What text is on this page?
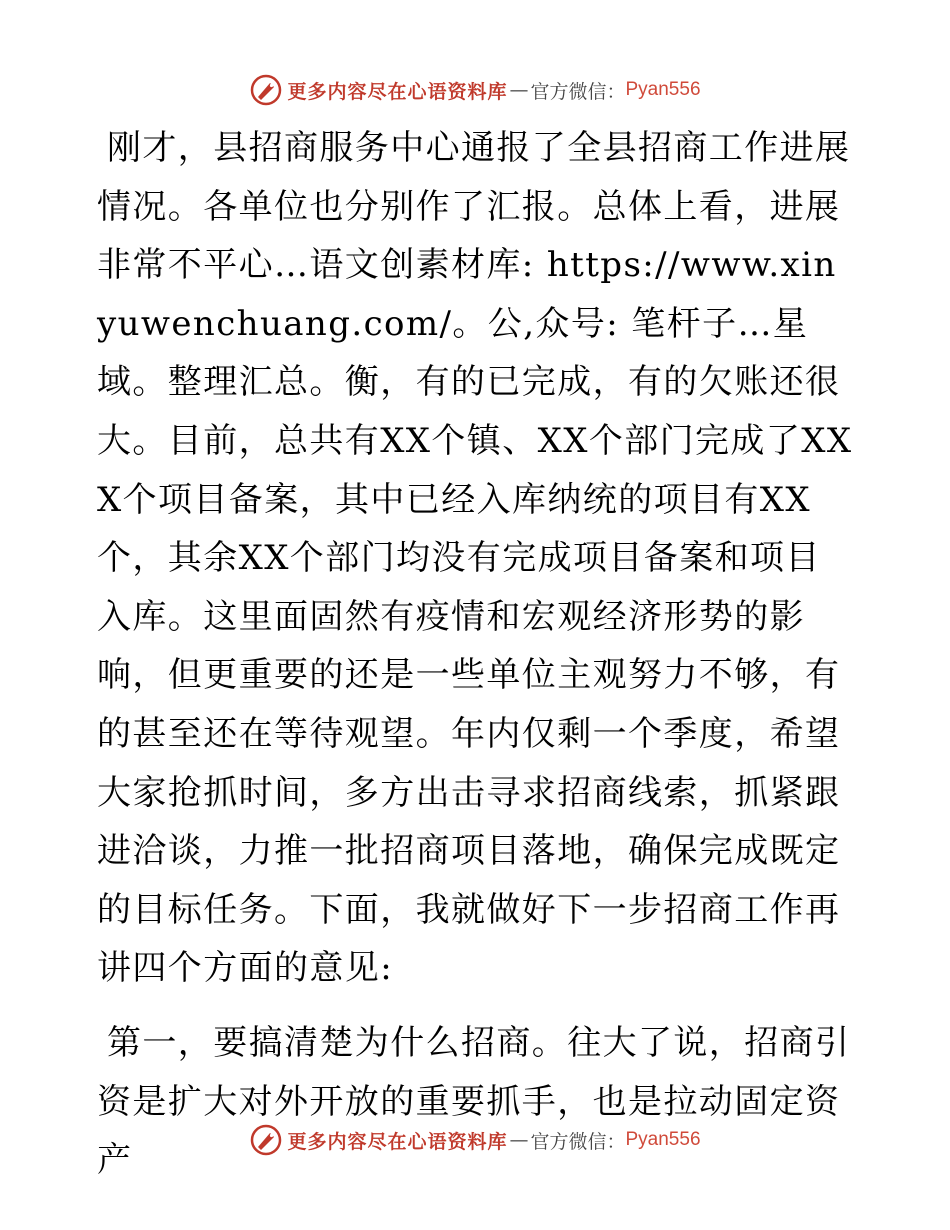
更多内容尽在心语资料库 — 官方微信： Pyan556

刚才，县招商服务中心通报了全县招商工作进展情况。各单位也分别作了汇报。总体上看，进展非常不平心…语文创素材库: https://www.xinyuwenchuang.com/。公,众号: 笔杆子…星域。整理汇总。衡，有的已完成，有的欠账还很大。目前，总共有XX个镇、XX个部门完成了XXX个项目备案，其中已经入库纳统的项目有XX个，其余XX个部门均没有完成项目备案和项目入库。这里面固然有疫情和宏观经济形势的影响，但更重要的还是一些单位主观努力不够，有的甚至还在等待观望。年内仅剩一个季度，希望大家抢抓时间，多方出击寻求招商线索，抓紧跟进洽谈，力推一批招商项目落地，确保完成既定的目标任务。下面，我就做好下一步招商工作再讲四个方面的意见:

第一，要搞清楚为什么招商。往大了说，招商引资是扩大对外开放的重要抓手，也是拉动固定资产	更多内容尽在心语资料库 — 官方微信： Pyan556
